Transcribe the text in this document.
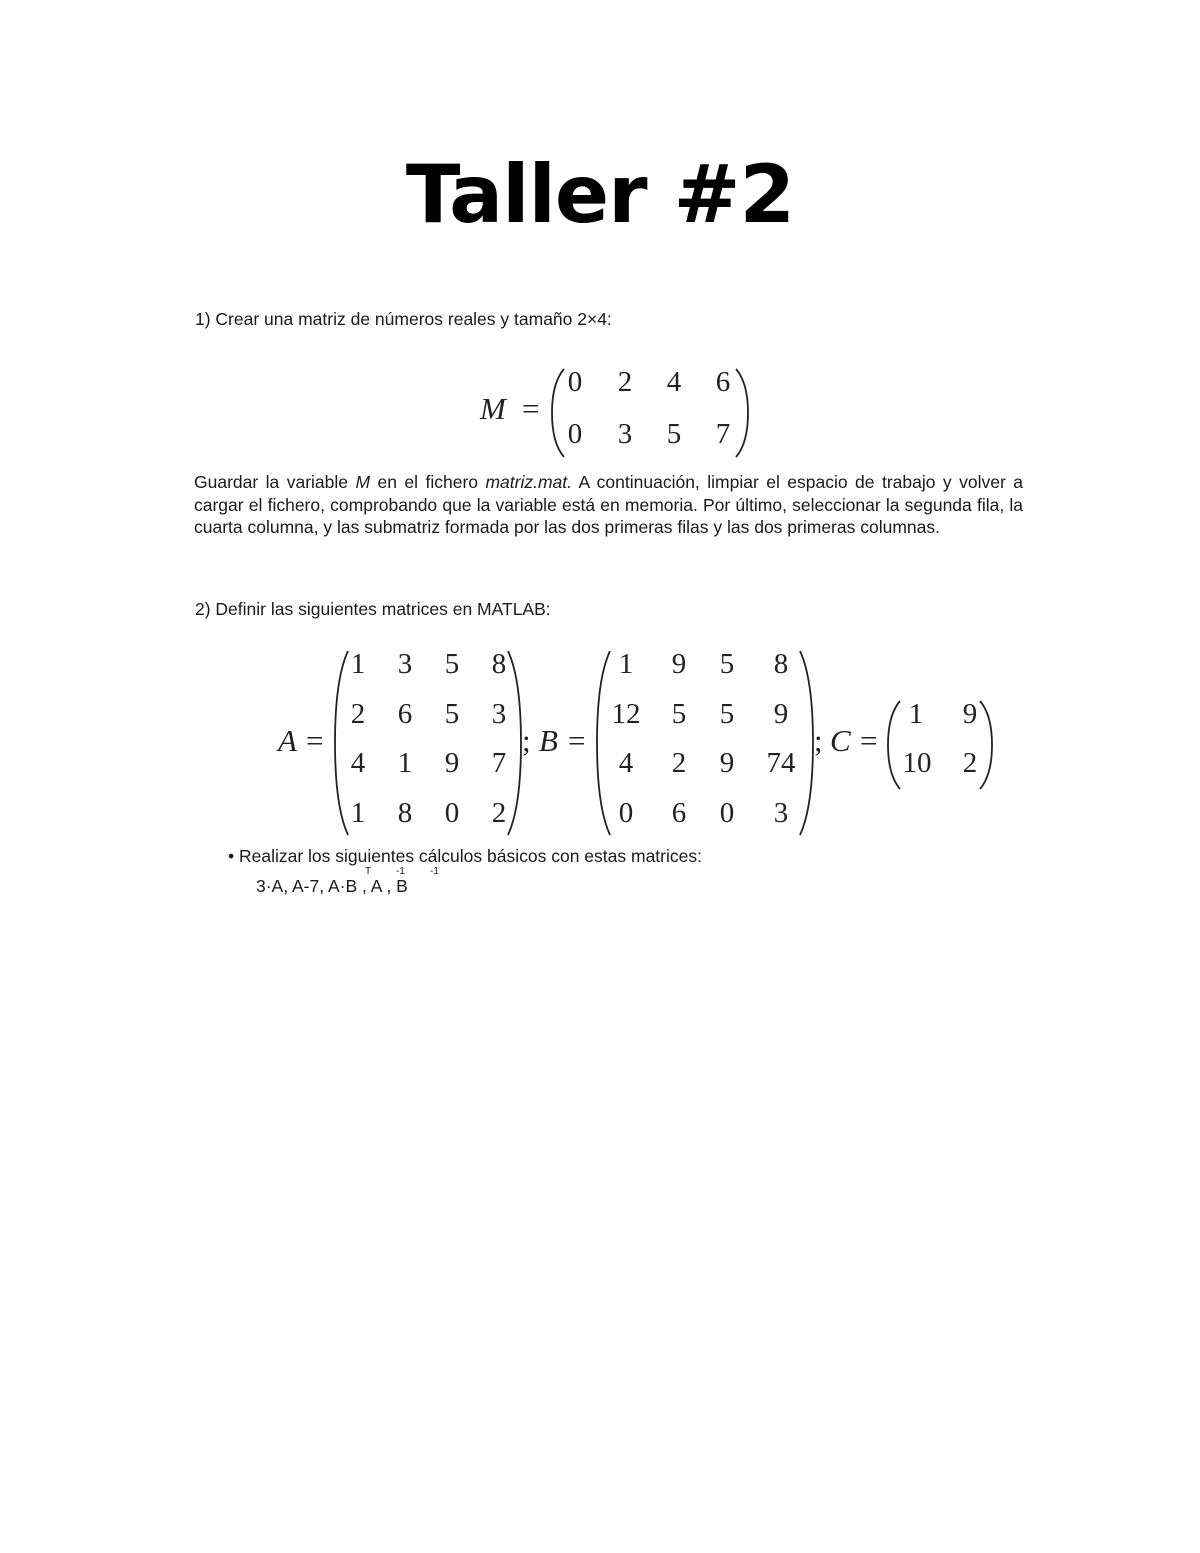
Taller #2
1) Crear una matriz de números reales y tamaño 2×4:
M =
0	2	4	6
0	3	5	7
Guardar la variable M en el fichero matriz.mat. A continuación, limpiar el espacio de trabajo y volver a cargar el fichero, comprobando que la variable está en memoria. Por último, seleccionar la segunda fila, la cuarta columna, y las submatriz formada por las dos primeras filas y las dos primeras columnas.
2) Definir las siguientes matrices en MATLAB:
A =
1	3	5	8
2	6	5	3
4	1	9	7
1	8	0	2
; B =
1	9	5	8
12	5	5	9
4	2	9	74
0	6	0	3
; C =
1	9
10	2
• Realizar los siguientes cálculos básicos con estas matrices:
3·A, A-7, A·B , A , B
T -1	-1
